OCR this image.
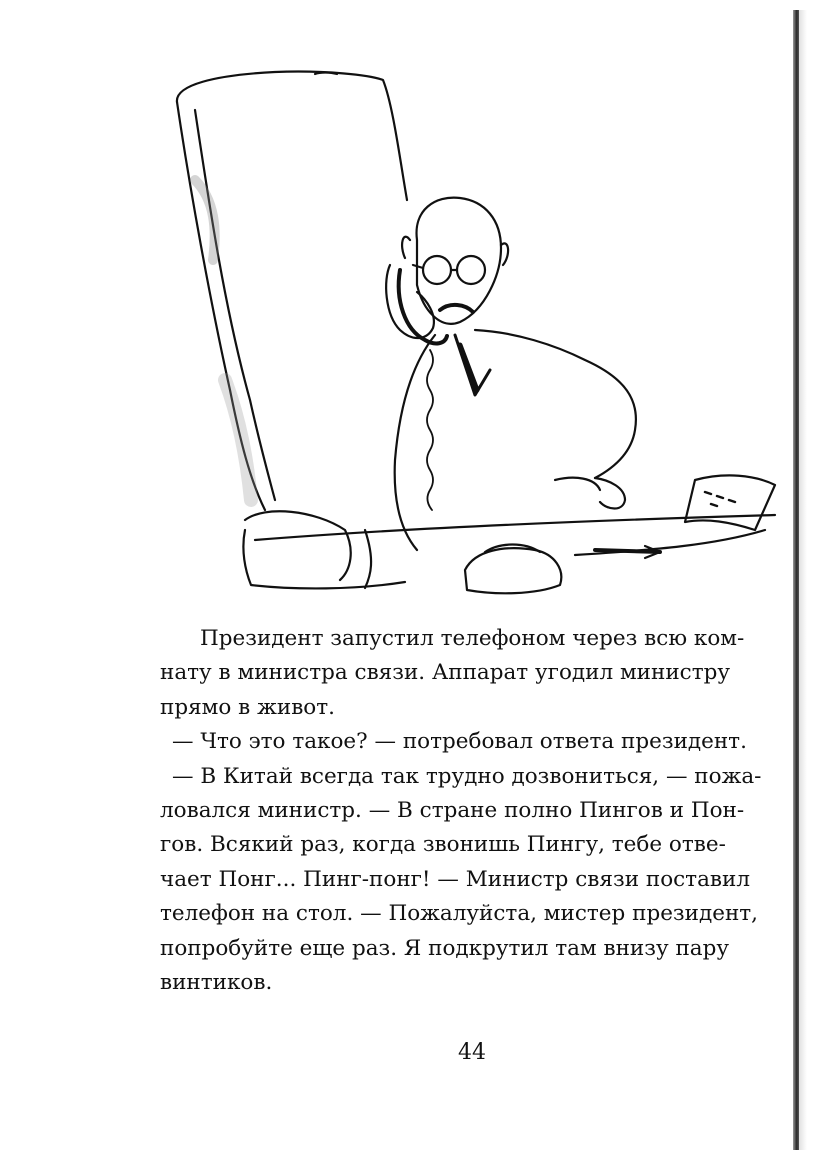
Президент запустил телефоном через всю ком-
нату в министра связи. Аппарат угодил министру
прямо в живот.
— Что это такое? — потребовал ответа президент.
— В Китай всегда так трудно дозвониться, — пожа-
ловался министр. — В стране полно Пингов и Пон-
гов. Всякий раз, когда звонишь Пингу, тебе отве-
чает Понг... Пинг-понг! — Министр связи поставил
телефон на стол. — Пожалуйста, мистер президент,
попробуйте еще раз. Я подкрутил там внизу пару
винтиков.
44
